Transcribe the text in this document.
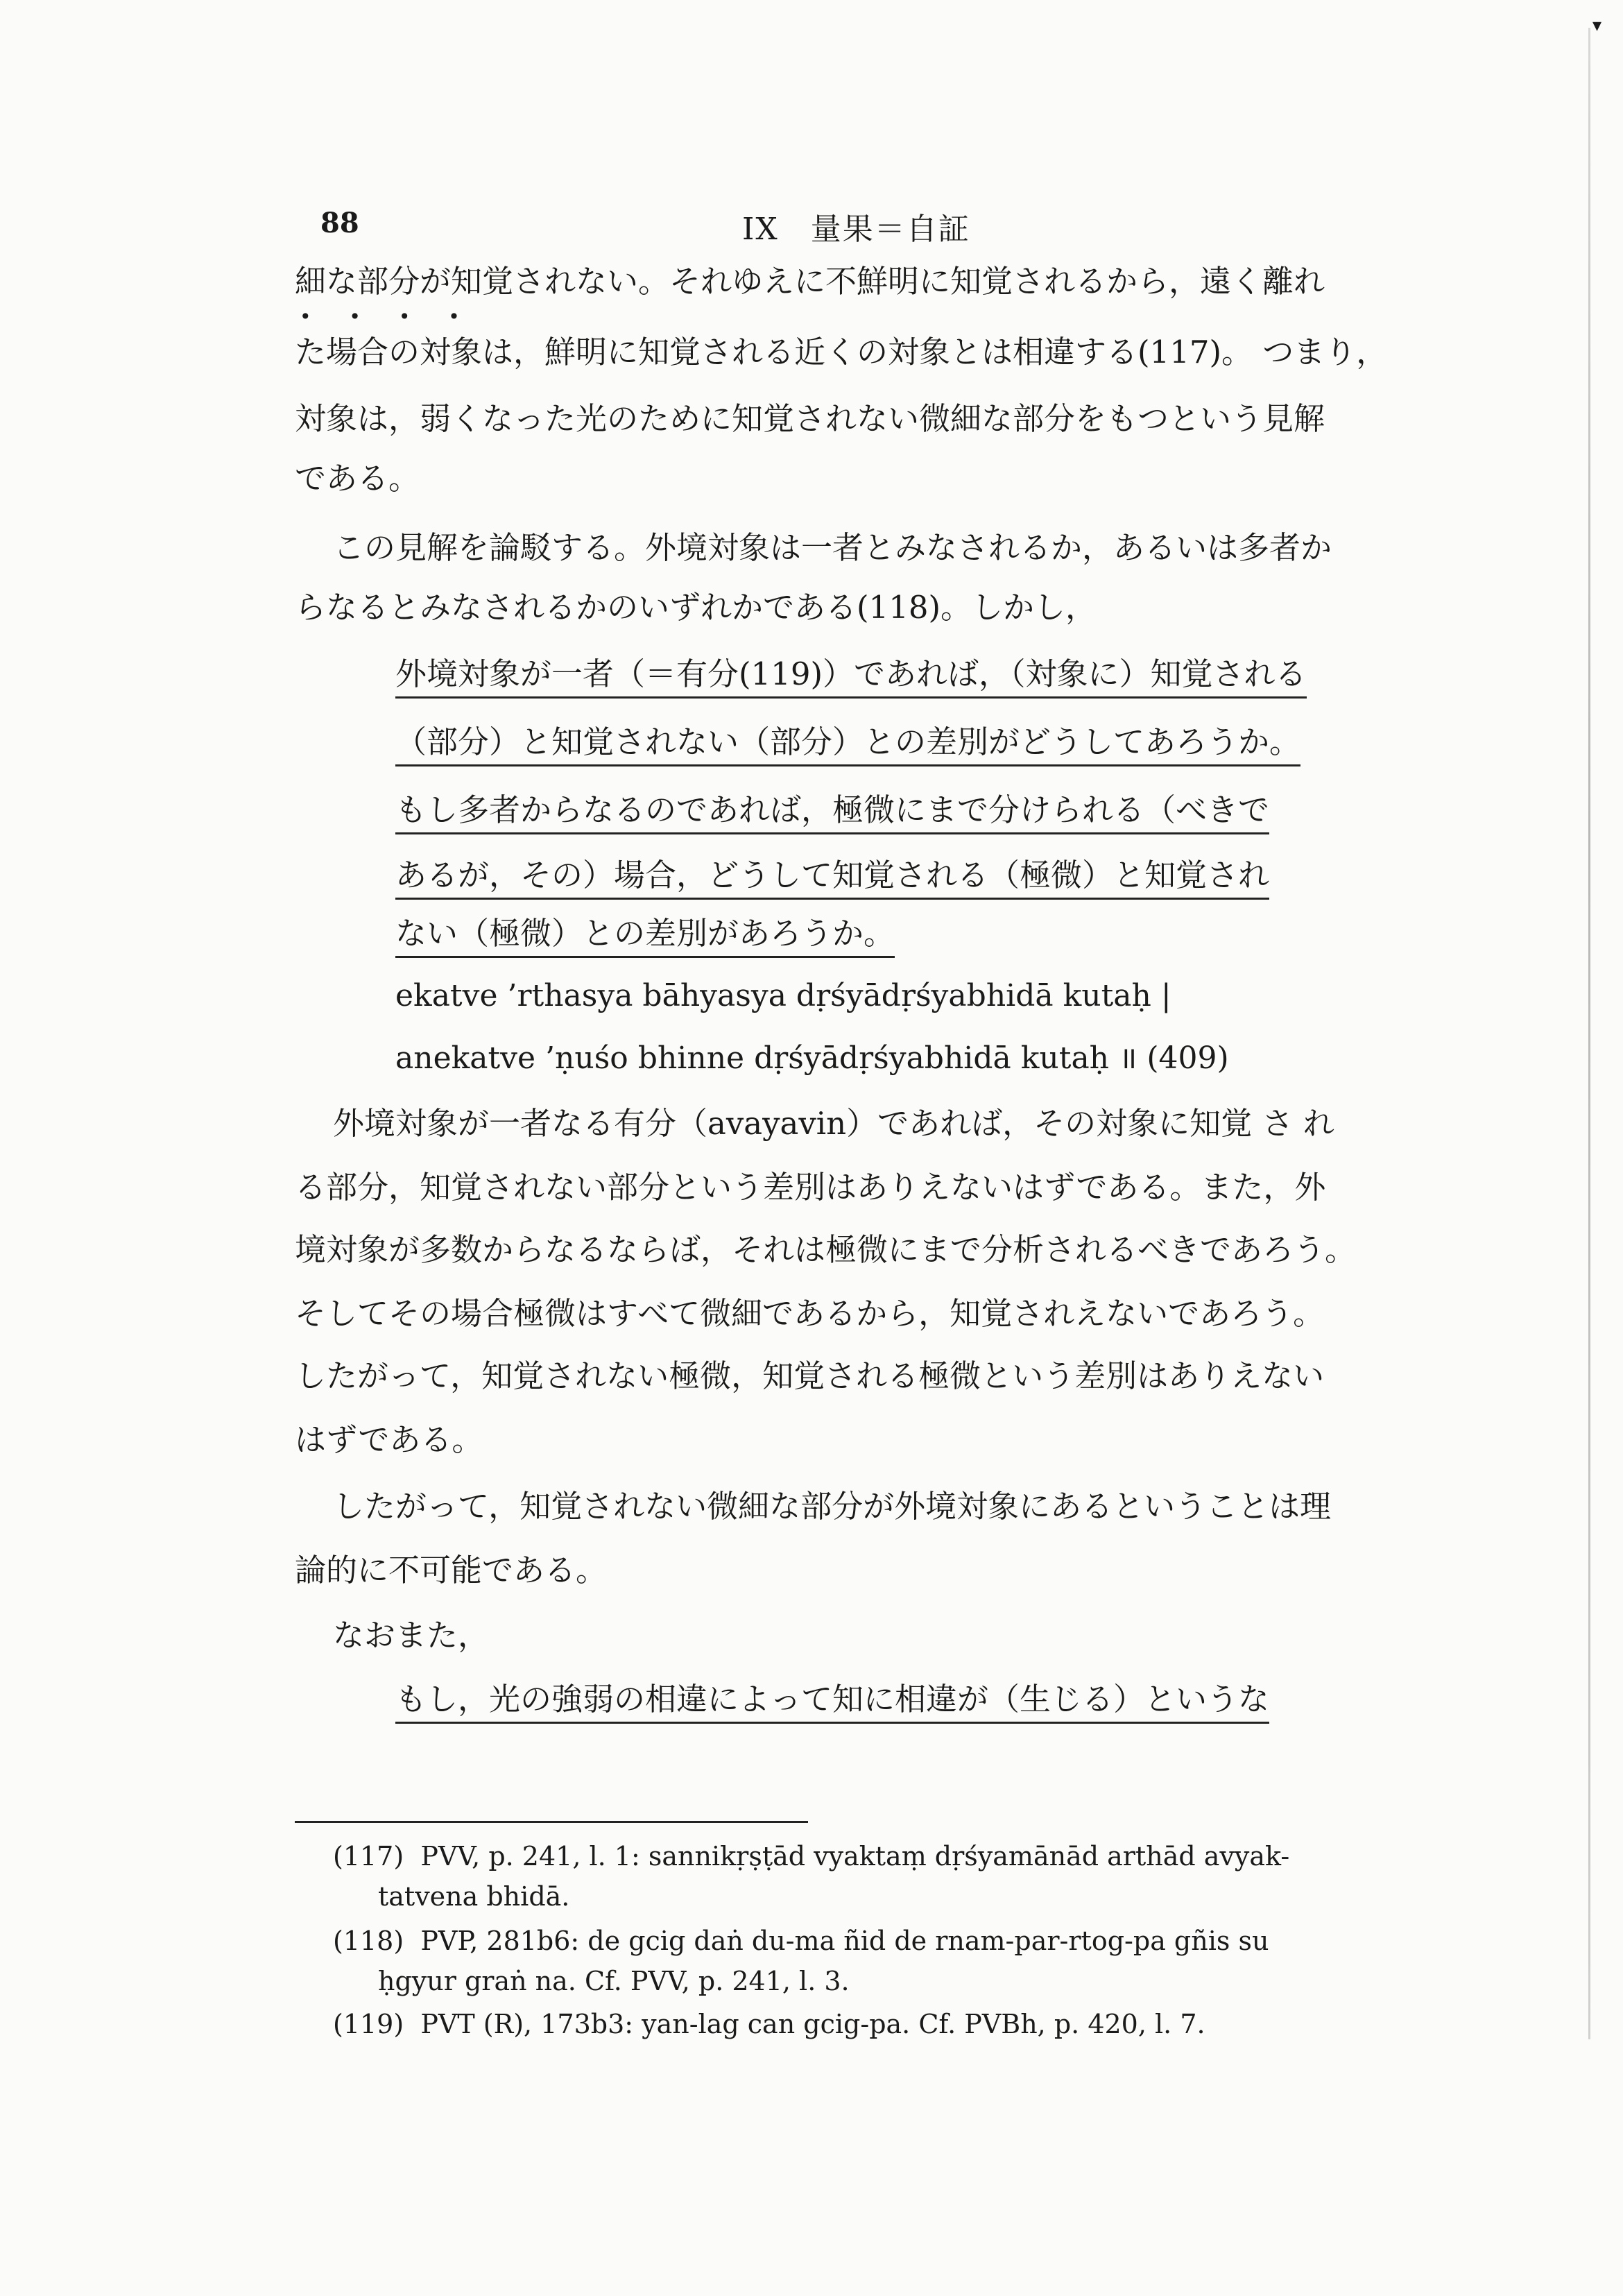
▾
88	IX　量果＝自証
細な部分が知覚されない。それゆえに不鮮明に知覚されるから，遠く離れ
• • • •
た場合の対象は，鮮明に知覚される近くの対象とは相違する(117)。 つまり，
対象は，弱くなった光のために知覚されない微細な部分をもつという見解
である。
この見解を論駁する。外境対象は一者とみなされるか，あるいは多者か
らなるとみなされるかのいずれかである(118)。しかし，
外境対象が一者（＝有分(119)）であれば，（対象に）知覚される
（部分）と知覚されない（部分）との差別がどうしてあろうか。
もし多者からなるのであれば，極微にまで分けられる（べきで
あるが，その）場合，どうして知覚される（極微）と知覚され
ない（極微）との差別があろうか。
ekatve ’rthasya bāhyasya dṛśyādṛśyabhidā kutaḥ |
anekatve ’ṇuśo bhinne dṛśyādṛśyabhidā kutaḥ ॥ (409)
外境対象が一者なる有分（avayavin）であれば，その対象に知覚 さ れ
る部分，知覚されない部分という差別はありえないはずである。また，外
境対象が多数からなるならば，それは極微にまで分析されるべきであろう。
そしてその場合極微はすべて微細であるから，知覚されえないであろう。
したがって，知覚されない極微，知覚される極微という差別はありえない
はずである。
したがって，知覚されない微細な部分が外境対象にあるということは理
論的に不可能である。
なおまた，
もし，光の強弱の相違によって知に相違が（生じる）というな
(117) PVV, p. 241, l. 1: sannikṛṣṭād vyaktaṃ dṛśyamānād arthād avyak-
tatvena bhidā.
(118) PVP, 281b6: de gcig daṅ du-ma ñid de rnam-par-rtog-pa gñis su
ḥgyur graṅ na. Cf. PVV, p. 241, l. 3.
(119) PVT (R), 173b3: yan-lag can gcig-pa. Cf. PVBh, p. 420, l. 7.
